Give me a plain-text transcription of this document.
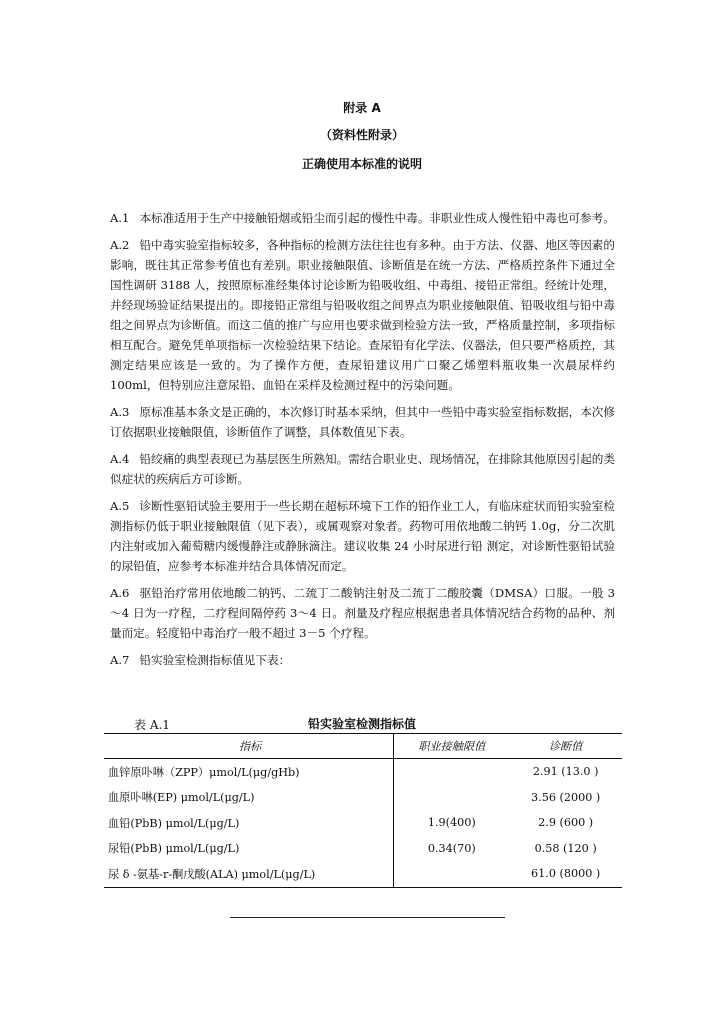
附录 A
（资料性附录）
正确使用本标准的说明

A.1 本标准适用于生产中接触铅烟或铅尘而引起的慢性中毒。非职业性成人慢性铅中毒也可参考。

A.2 铅中毒实验室指标较多，各种指标的检测方法往往也有多种。由于方法、仪器、地区等因素的影响，既往其正常参考值也有差别。职业接触限值、诊断值是在统一方法、严格质控条件下通过全国性调研 3188 人，按照原标准经集体讨论诊断为铅吸收组、中毒组、接铅正常组。经统计处理，并经现场验证结果提出的。即接铅正常组与铅吸收组之间界点为职业接触限值、铅吸收组与铅中毒组之间界点为诊断值。而这二值的推广与应用也要求做到检验方法一致，严格质量控制，多项指标相互配合。避免凭单项指标一次检验结果下结论。查尿铅有化学法、仪器法，但只要严格质控，其测定结果应该是一致的。为了操作方便，查尿铅建议用广口聚乙烯塑料瓶收集一次晨尿样约 100ml，但特别应注意尿铅、血铅在采样及检测过程中的污染问题。

A.3 原标准基本条文是正确的，本次修订时基本采纳，但其中一些铅中毒实验室指标数据，本次修订依据职业接触限值，诊断值作了调整，具体数值见下表。

A.4 铅绞痛的典型表现已为基层医生所熟知。需结合职业史、现场情况，在排除其他原因引起的类似症状的疾病后方可诊断。

A.5 诊断性驱铅试验主要用于一些长期在超标环境下工作的铅作业工人，有临床症状而铅实验室检测指标仍低于职业接触限值（见下表），或属观察对象者。药物可用依地酸二钠钙 1.0g，分二次肌内注射或加入葡萄糖内缓慢静注或静脉滴注。建议收集 24 小时尿进行铅 测定，对诊断性驱铅试验的尿铅值，应参考本标准并结合具体情况而定。

A.6 驱铅治疗常用依地酸二钠钙、二巯丁二酸钠注射及二巯丁二酸胶囊（DMSA）口服。一般 3～4 日为一疗程，二疗程间隔停药 3～4 日。剂量及疗程应根据患者具体情况结合药物的品种、剂量而定。轻度铅中毒治疗一般不超过 3－5 个疗程。

A.7 铅实验室检测指标值见下表：

表 A.1	铅实验室检测指标值
指标	职业接触限值	诊断值
血锌原卟啉（ZPP）μmol/L(μg/gHb)		2.91 (13.0 )
血原卟啉(EP) μmol/L(μg/L)		3.56 (2000 )
血铅(PbB) μmol/L(μg/L)	1.9(400)	2.9 (600 )
尿铅(PbB) μmol/L(μg/L)	0.34(70)	0.58 (120 )
尿 δ -氨基-r-酮戊酸(ALA) μmol/L(μg/L)		61.0 (8000 )
